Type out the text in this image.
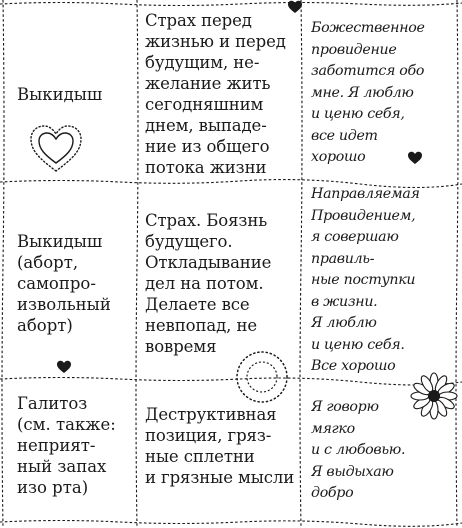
Выкидыш
Страх перед
жизнью и перед
будущим, не-
желание жить
сегодняшним
днем, выпаде-
ние из общего
потока жизни
Божественное
провидение
заботится обо
мне. Я люблю
и ценю себя,
все идет
хорошо
Выкидыш
(аборт,
самопро-
извольный
аборт)
Страх. Боязнь
будущего.
Откладывание
дел на потом.
Делаете все
невпопад, не
вовремя
Направляемая
Провидением,
я совершаю
правиль-
ные поступки
в жизни.
Я люблю
и ценю себя.
Все хорошо
Галитоз
(см. также:
неприят-
ный запах
изо рта)
Деструктивная
позиция, гряз-
ные сплетни
и грязные мысли
Я говорю
мягко
и с любовью.
Я выдыхаю
добро
